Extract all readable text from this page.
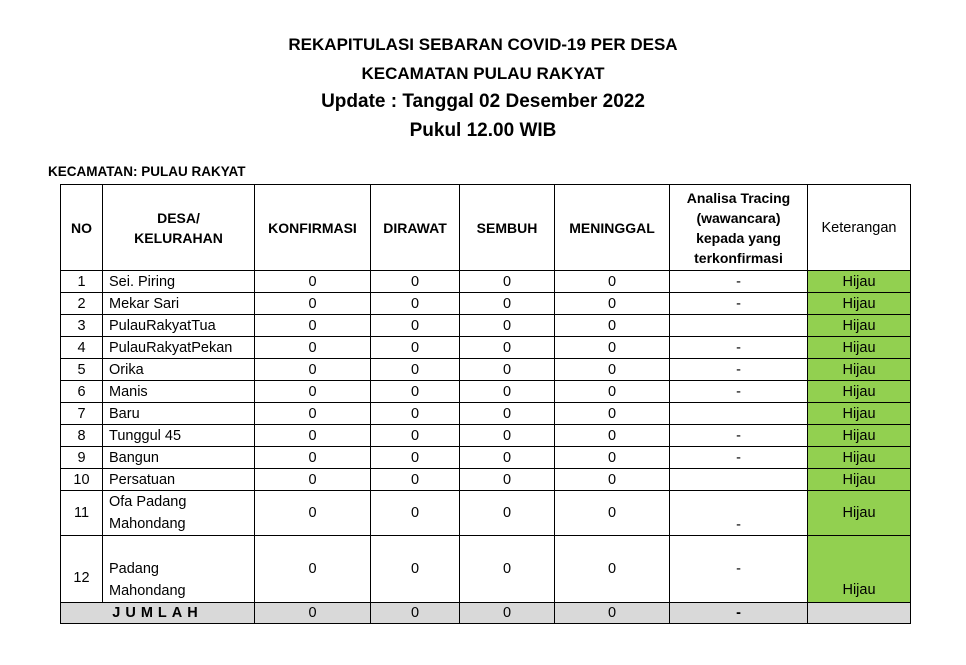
REKAPITULASI SEBARAN COVID-19 PER DESA
KECAMATAN PULAU RAKYAT
Update : Tanggal 02 Desember 2022
Pukul 12.00 WIB
KECAMATAN: PULAU RAKYAT
NO	DESA/
KELURAHAN	KONFIRMASI	DIRAWAT	SEMBUH	MENINGGAL	Analisa Tracing
(wawancara)
kepada yang
terkonfirmasi	Keterangan
1	Sei. Piring	0	0	0	0	-	Hijau
2	Mekar Sari	0	0	0	0	-	Hijau
3	PulauRakyatTua	0	0	0	0		Hijau
4	PulauRakyatPekan	0	0	0	0	-	Hijau
5	Orika	0	0	0	0	-	Hijau
6	Manis	0	0	0	0	-	Hijau
7	Baru	0	0	0	0		Hijau
8	Tunggul 45	0	0	0	0	-	Hijau
9	Bangun	0	0	0	0	-	Hijau
10	Persatuan	0	0	0	0		Hijau
11	Ofa Padang
Mahondang	0	0	0	0	-	Hijau
12	Padang
Mahondang	0	0	0	0	-	Hijau
JUMLAH		0	0	0	0	-	
